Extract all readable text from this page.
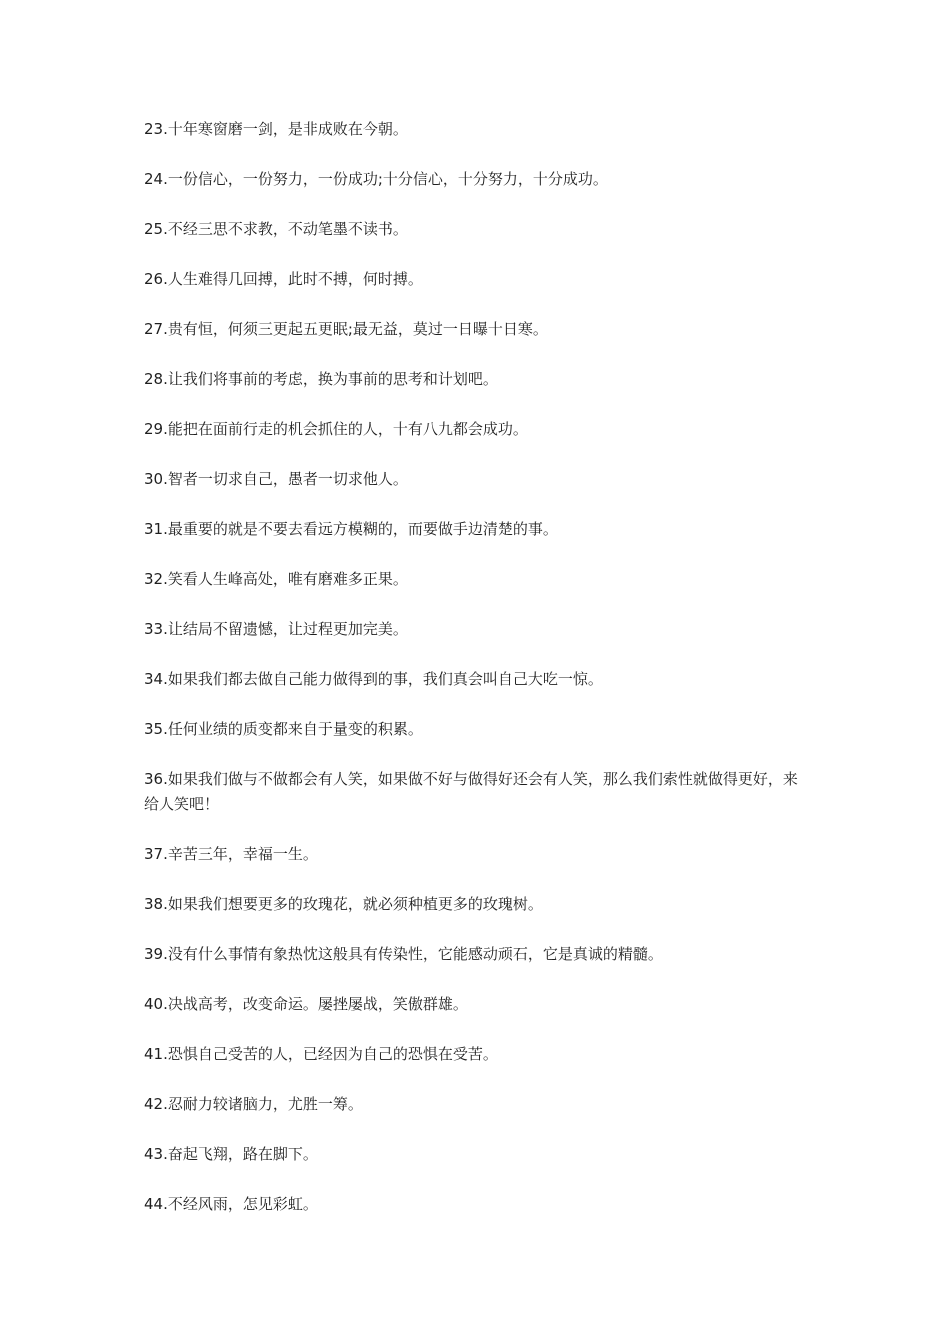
23.十年寒窗磨一剑，是非成败在今朝。

24.一份信心，一份努力，一份成功;十分信心，十分努力，十分成功。

25.不经三思不求教，不动笔墨不读书。

26.人生难得几回搏，此时不搏，何时搏。

27.贵有恒，何须三更起五更眠;最无益，莫过一日曝十日寒。

28.让我们将事前的考虑，换为事前的思考和计划吧。

29.能把在面前行走的机会抓住的人，十有八九都会成功。

30.智者一切求自己，愚者一切求他人。

31.最重要的就是不要去看远方模糊的，而要做手边清楚的事。

32.笑看人生峰高处，唯有磨难多正果。

33.让结局不留遗憾，让过程更加完美。

34.如果我们都去做自己能力做得到的事，我们真会叫自己大吃一惊。

35.任何业绩的质变都来自于量变的积累。

36.如果我们做与不做都会有人笑，如果做不好与做得好还会有人笑，那么我们索性就做得更好，来给人笑吧！

37.辛苦三年，幸福一生。

38.如果我们想要更多的玫瑰花，就必须种植更多的玫瑰树。

39.没有什么事情有象热忱这般具有传染性，它能感动顽石，它是真诚的精髓。

40.决战高考，改变命运。屡挫屡战，笑傲群雄。

41.恐惧自己受苦的人，已经因为自己的恐惧在受苦。

42.忍耐力较诸脑力，尤胜一筹。

43.奋起飞翔，路在脚下。

44.不经风雨，怎见彩虹。
